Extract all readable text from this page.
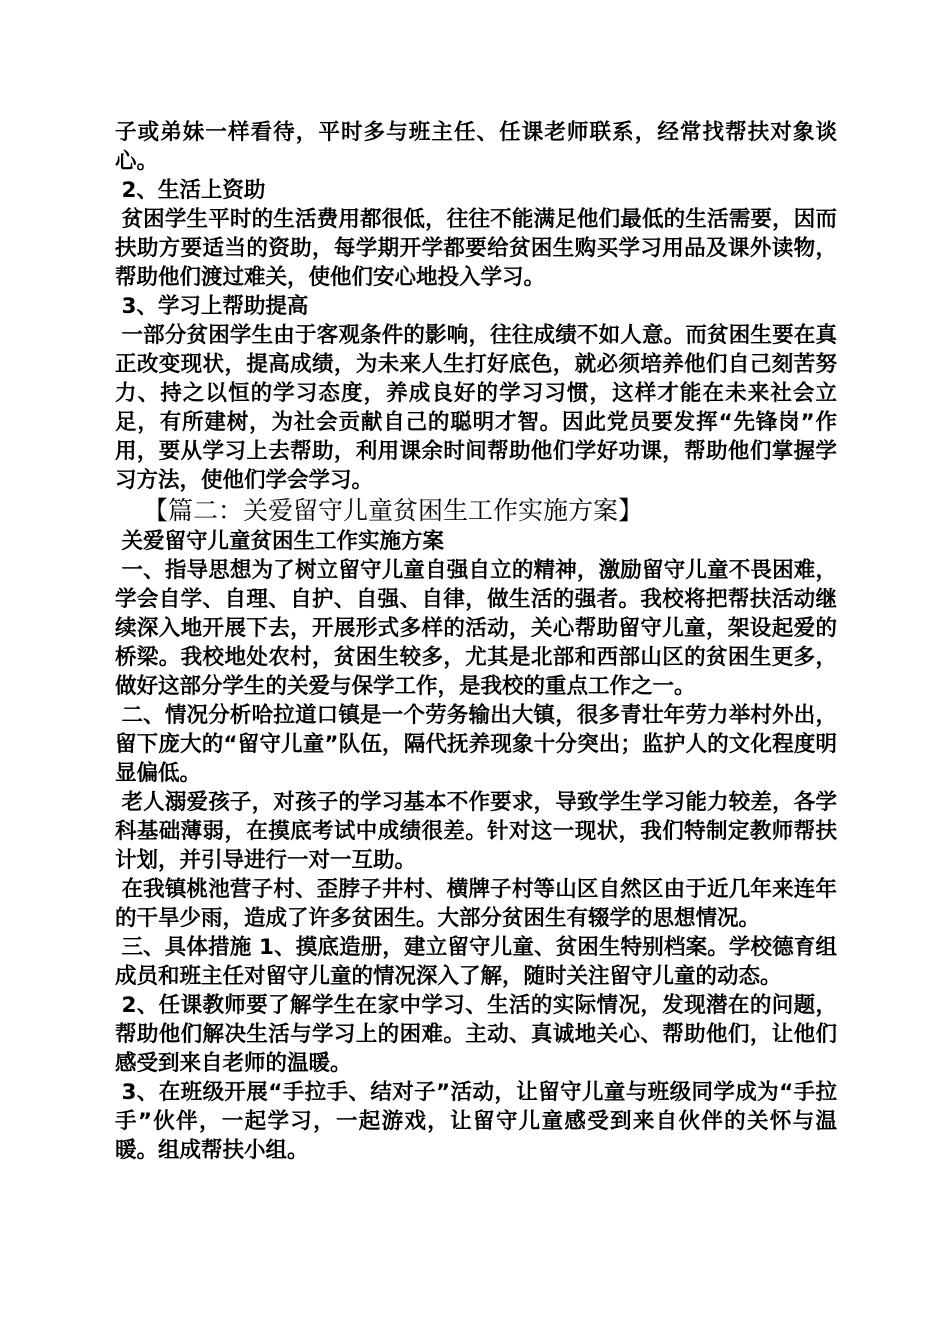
子或弟妹一样看待，平时多与班主任、任课老师联系，经常找帮扶对象谈心。

2、生活上资助

贫困学生平时的生活费用都很低，往往不能满足他们最低的生活需要，因而扶助方要适当的资助，每学期开学都要给贫困生购买学习用品及课外读物，帮助他们渡过难关，使他们安心地投入学习。

3、学习上帮助提高

一部分贫困学生由于客观条件的影响，往往成绩不如人意。而贫困生要在真正改变现状，提高成绩，为未来人生打好底色，就必须培养他们自己刻苦努力、持之以恒的学习态度，养成良好的学习习惯，这样才能在未来社会立足，有所建树，为社会贡献自己的聪明才智。因此党员要发挥“先锋岗”作用，要从学习上去帮助，利用课余时间帮助他们学好功课，帮助他们掌握学习方法，使他们学会学习。

【篇二：关爱留守儿童贫困生工作实施方案】

关爱留守儿童贫困生工作实施方案

一、指导思想为了树立留守儿童自强自立的精神，激励留守儿童不畏困难，学会自学、自理、自护、自强、自律，做生活的强者。我校将把帮扶活动继续深入地开展下去，开展形式多样的活动，关心帮助留守儿童，架设起爱的桥梁。我校地处农村，贫困生较多，尤其是北部和西部山区的贫困生更多，做好这部分学生的关爱与保学工作，是我校的重点工作之一。

二、情况分析哈拉道口镇是一个劳务输出大镇，很多青壮年劳力举村外出，留下庞大的“留守儿童”队伍，隔代抚养现象十分突出；监护人的文化程度明显偏低。

老人溺爱孩子，对孩子的学习基本不作要求，导致学生学习能力较差，各学科基础薄弱，在摸底考试中成绩很差。针对这一现状，我们特制定教师帮扶计划，并引导进行一对一互助。

在我镇桃池营子村、歪脖子井村、横牌子村等山区自然区由于近几年来连年的干旱少雨，造成了许多贫困生。大部分贫困生有辍学的思想情况。

三、具体措施 1、摸底造册，建立留守儿童、贫困生特别档案。学校德育组成员和班主任对留守儿童的情况深入了解，随时关注留守儿童的动态。

2、任课教师要了解学生在家中学习、生活的实际情况，发现潜在的问题，帮助他们解决生活与学习上的困难。主动、真诚地关心、帮助他们，让他们感受到来自老师的温暖。

3、在班级开展“手拉手、结对子”活动，让留守儿童与班级同学成为“手拉手”伙伴，一起学习，一起游戏，让留守儿童感受到来自伙伴的关怀与温暖。组成帮扶小组。
